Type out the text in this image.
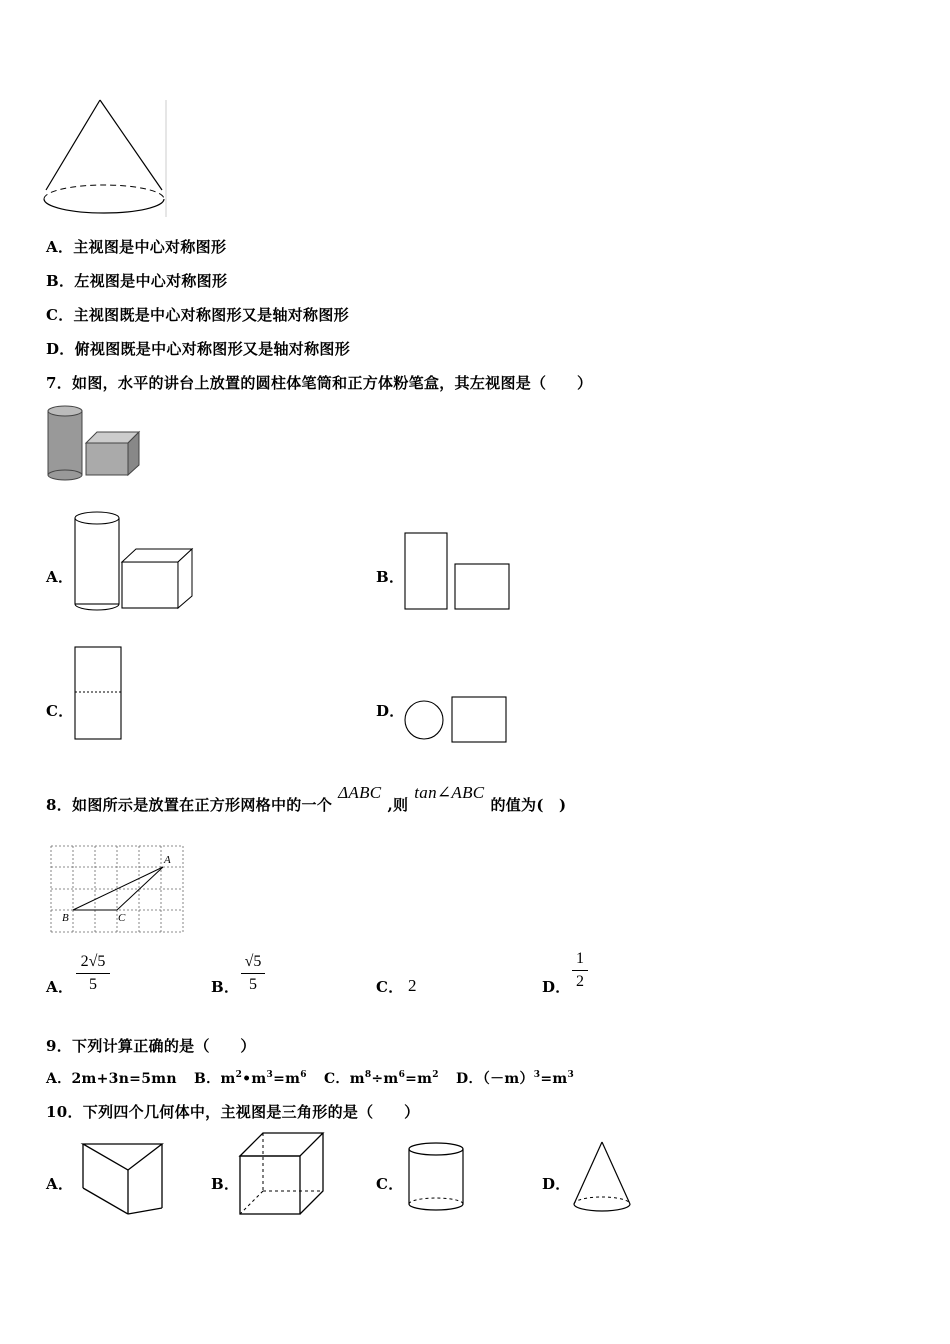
A．主视图是中心对称图形
B．左视图是中心对称图形
C．主视图既是中心对称图形又是轴对称图形
D．俯视图既是中心对称图形又是轴对称图形
7．如图，水平的讲台上放置的圆柱体笔筒和正方体粉笔盒，其左视图是（　　）
A．	B．
C．	D．
8．如图所示是放置在正方形网格中的一个ΔABC,则tan∠ABC的值为(　)
A
B	C
A．
2√5
5	B．
√5
5	C． 2	D．
1
2
9．下列计算正确的是（　　）
A．2m+3n=5mn B．$m^2•m^3=m^6$ C．$m^8\div m^6=m^2$ D．$(-m)^3=m^3$
10．下列四个几何体中，主视图是三角形的是（　　）
A．	B．	C．	D．
